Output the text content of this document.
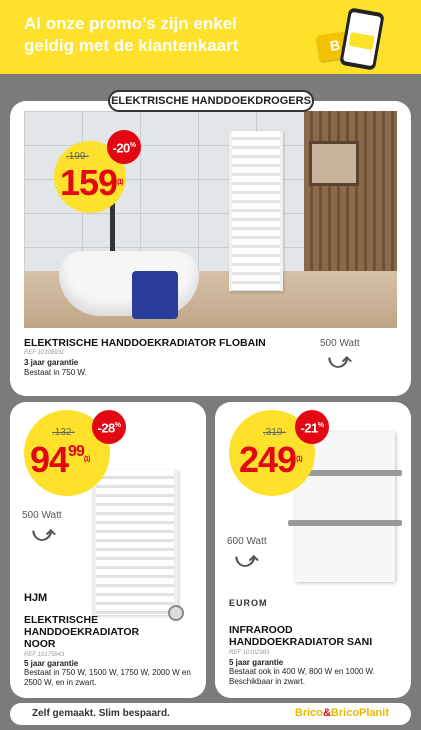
Al onze promo’s zijn enkel
geldig met de klantenkaart	B
.199-
159$^{(1)}$
-20%
ELEKTRISCHE HANDDOEKRADIATOR FLOBAIN
REF 10308931
3 jaar garantie
Bestaat in 750 W.
500 Watt
⤻
.132-
$94^{99(1)}$
-28%
500 Watt
⤻
HJM
ELEKTRISCHE
HANDDOEKRADIATOR
NOOR
REF 10175843
5 jaar garantie
Bestaat in 750 W, 1500 W, 1750 W, 2000 W en 2500 W, en in zwart.
.319-
249$^{(1)}$
-21%
600 Watt
⤻
EUROM
INFRAROOD
HANDDOEKRADIATOR SANI
REF 10102983
5 jaar garantie
Bestaat ook in 400 W, 800 W en 1000 W. Beschikbaar in zwart.
ELEKTRISCHE HANDDOEKDROGERS
Zelf gemaakt. Slim bespaard.	Brico&BricoPlanit
